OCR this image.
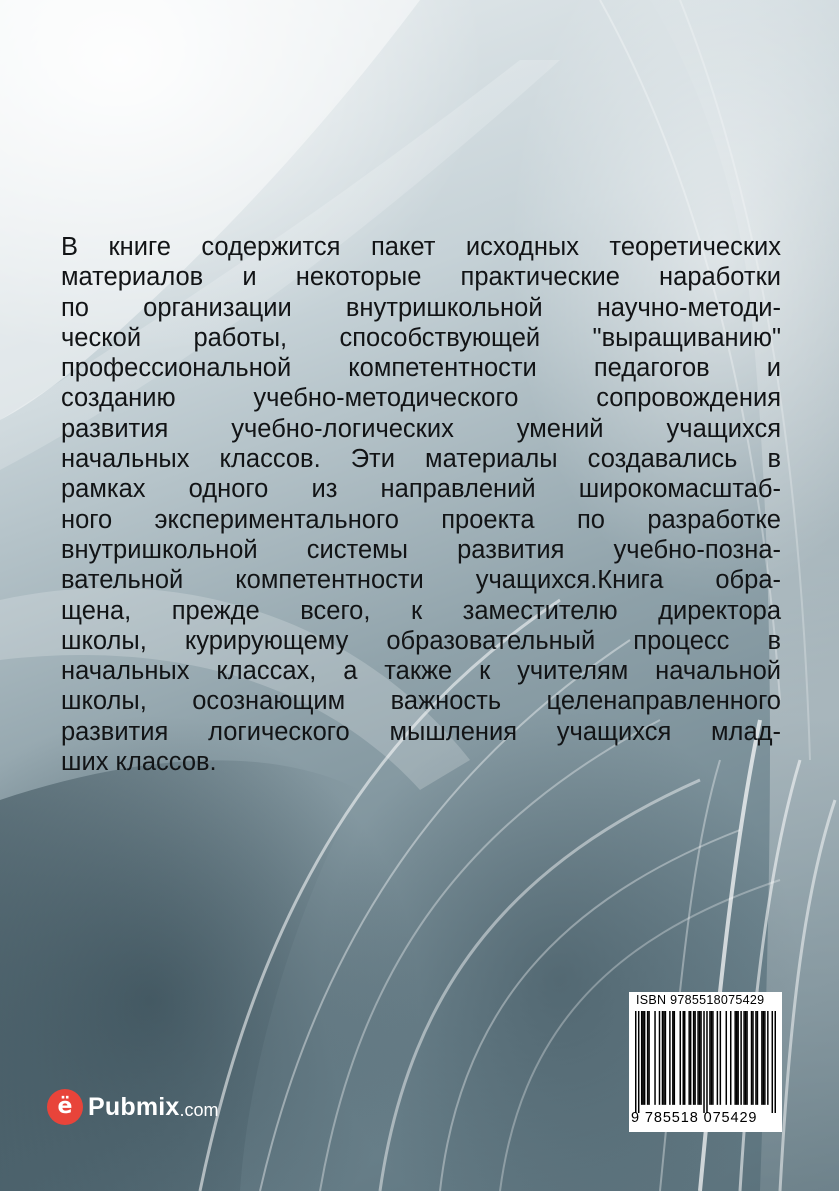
В книге содержится пакет исходных теоретических
материалов и некоторые практические наработки
по организации внутришкольной научно-методи-
ческой работы, способствующей "выращиванию"
профессиональной компетентности педагогов и
созданию учебно-методического сопровождения
развития учебно-логических умений учащихся
начальных классов. Эти материалы создавались в
рамках одного из направлений широкомасштаб-
ного экспериментального проекта по разработке
внутришкольной системы развития учебно-позна-
вательной компетентности учащихся.Книга обра-
щена, прежде всего, к заместителю директора
школы, курирующему образовательный процесс в
начальных классах, а также к учителям начальной
школы, осознающим важность целенаправленного
развития логического мышления учащихся млад-
ших классов.
ё Pubmix .com
ISBN 9785518075429
9 785518 075429
